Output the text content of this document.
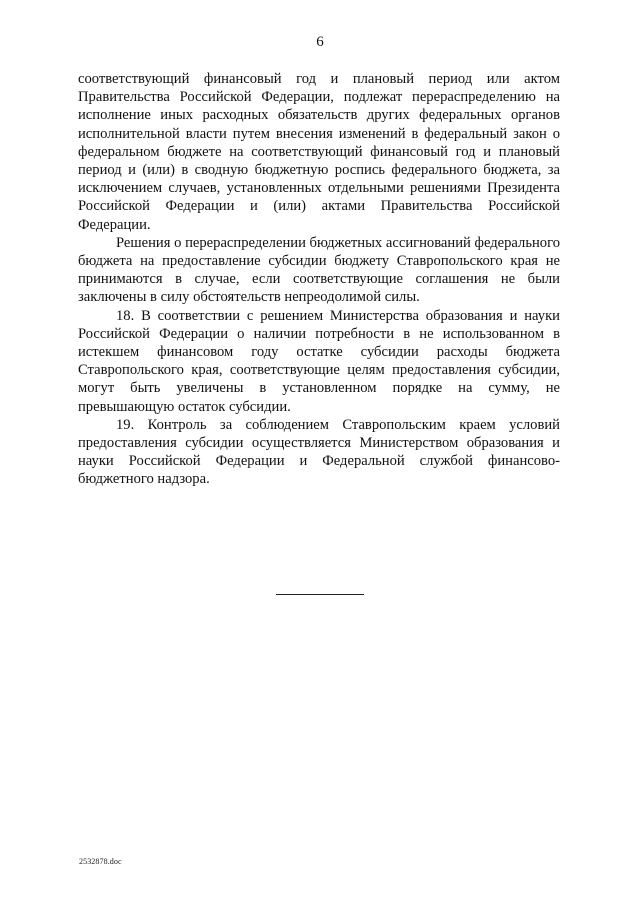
6

соответствующий финансовый год и плановый период или актом Правительства Российской Федерации, подлежат перераспределению на исполнение иных расходных обязательств других федеральных органов исполнительной власти путем внесения изменений в федеральный закон о федеральном бюджете на соответствующий финансовый год и плановый период и (или) в сводную бюджетную роспись федерального бюджета, за исключением случаев, установленных отдельными решениями Президента Российской Федерации и (или) актами Правительства Российской Федерации.

Решения о перераспределении бюджетных ассигнований федерального бюджета на предоставление субсидии бюджету Ставропольского края не принимаются в случае, если соответствующие соглашения не были заключены в силу обстоятельств непреодолимой силы.

18. В соответствии с решением Министерства образования и науки Российской Федерации о наличии потребности в не использованном в истекшем финансовом году остатке субсидии расходы бюджета Ставропольского края, соответствующие целям предоставления субсидии, могут быть увеличены в установленном порядке на сумму, не превышающую остаток субсидии.

19. Контроль за соблюдением Ставропольским краем условий предоставления субсидии осуществляется Министерством образования и науки Российской Федерации и Федеральной службой финансово-бюджетного надзора.

2532878.doc
